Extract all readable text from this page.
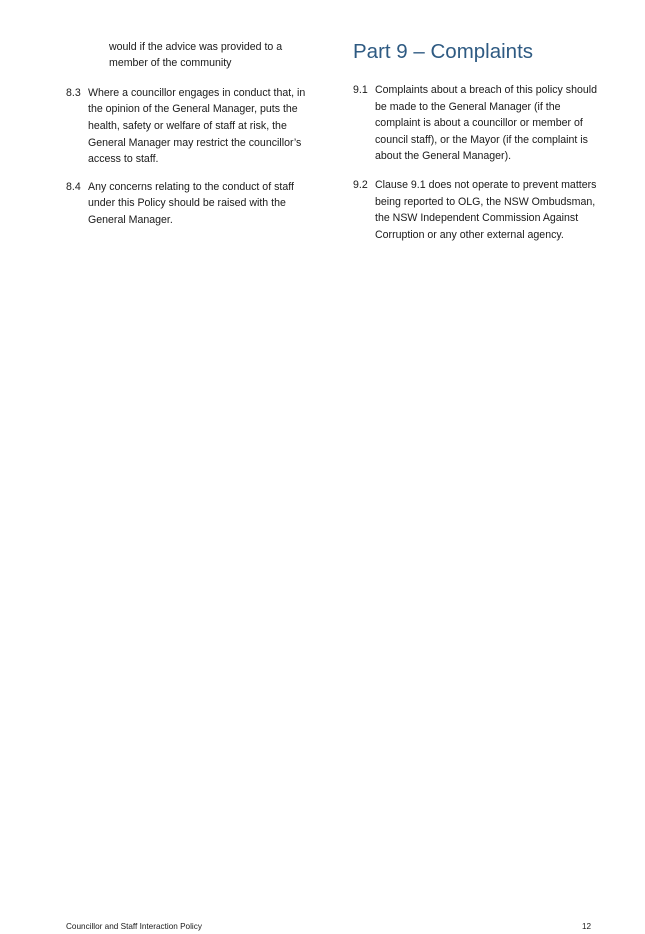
would if the advice was provided to a member of the community
8.3 Where a councillor engages in conduct that, in the opinion of the General Manager, puts the health, safety or welfare of staff at risk, the General Manager may restrict the councillor’s access to staff.
8.4 Any concerns relating to the conduct of staff under this Policy should be raised with the General Manager.
Part 9 – Complaints
9.1 Complaints about a breach of this policy should be made to the General Manager (if the complaint is about a councillor or member of council staff), or the Mayor (if the complaint is about the General Manager).
9.2 Clause 9.1 does not operate to prevent matters being reported to OLG, the NSW Ombudsman, the NSW Independent Commission Against Corruption or any other external agency.
Councillor and Staff Interaction Policy	12
